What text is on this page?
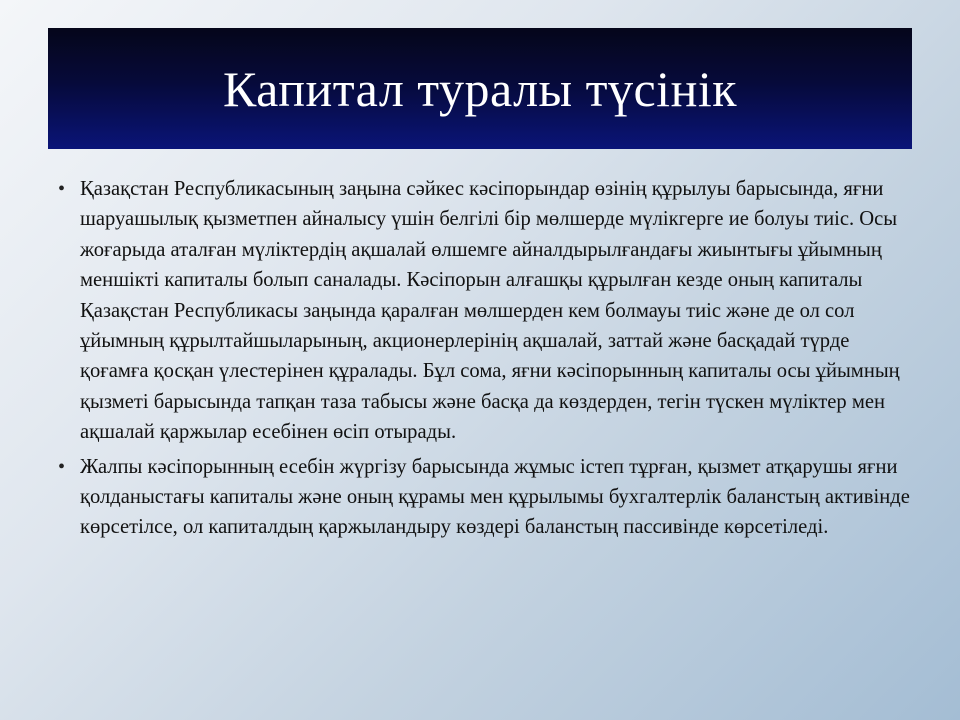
Капитал туралы түсінік
• Қазақстан Республикасының заңына сәйкес кәсіпорындар өзінің құрылуы барысында, яғни шаруашылық қызметпен айналысу үшін белгілі бір мөлшерде мүлікгерге ие болуы тиіс. Осы жоғарыда аталған мүліктердің ақшалай өлшемге айналдырылғандағы жиынтығы ұйымның меншікті капиталы болып саналады. Кәсіпорын алғашқы құрылған кезде оның капиталы Қазақстан Республикасы заңында қаралған мөлшерден кем болмауы тиіс және де ол сол ұйымның құрылтайшыларының, акционерлерінің ақшалай, заттай және басқадай түрде қоғамға қосқан үлестерінен құралады. Бұл сома, яғни кәсіпорынның капиталы осы ұйымның қызметі барысында тапқан таза табысы және басқа да көздерден, тегін түскен мүліктер мен ақшалай қаржылар есебінен өсіп отырады.
• Жалпы кәсіпорынның есебін жүргізу барысында жұмыс істеп тұрған, қызмет атқарушы яғни қолданыстағы капиталы және оның құрамы мен құрылымы бухгалтерлік баланстың активінде көрсетілсе, ол капиталдың қаржыландыру көздері баланстың пассивінде көрсетіледі.
